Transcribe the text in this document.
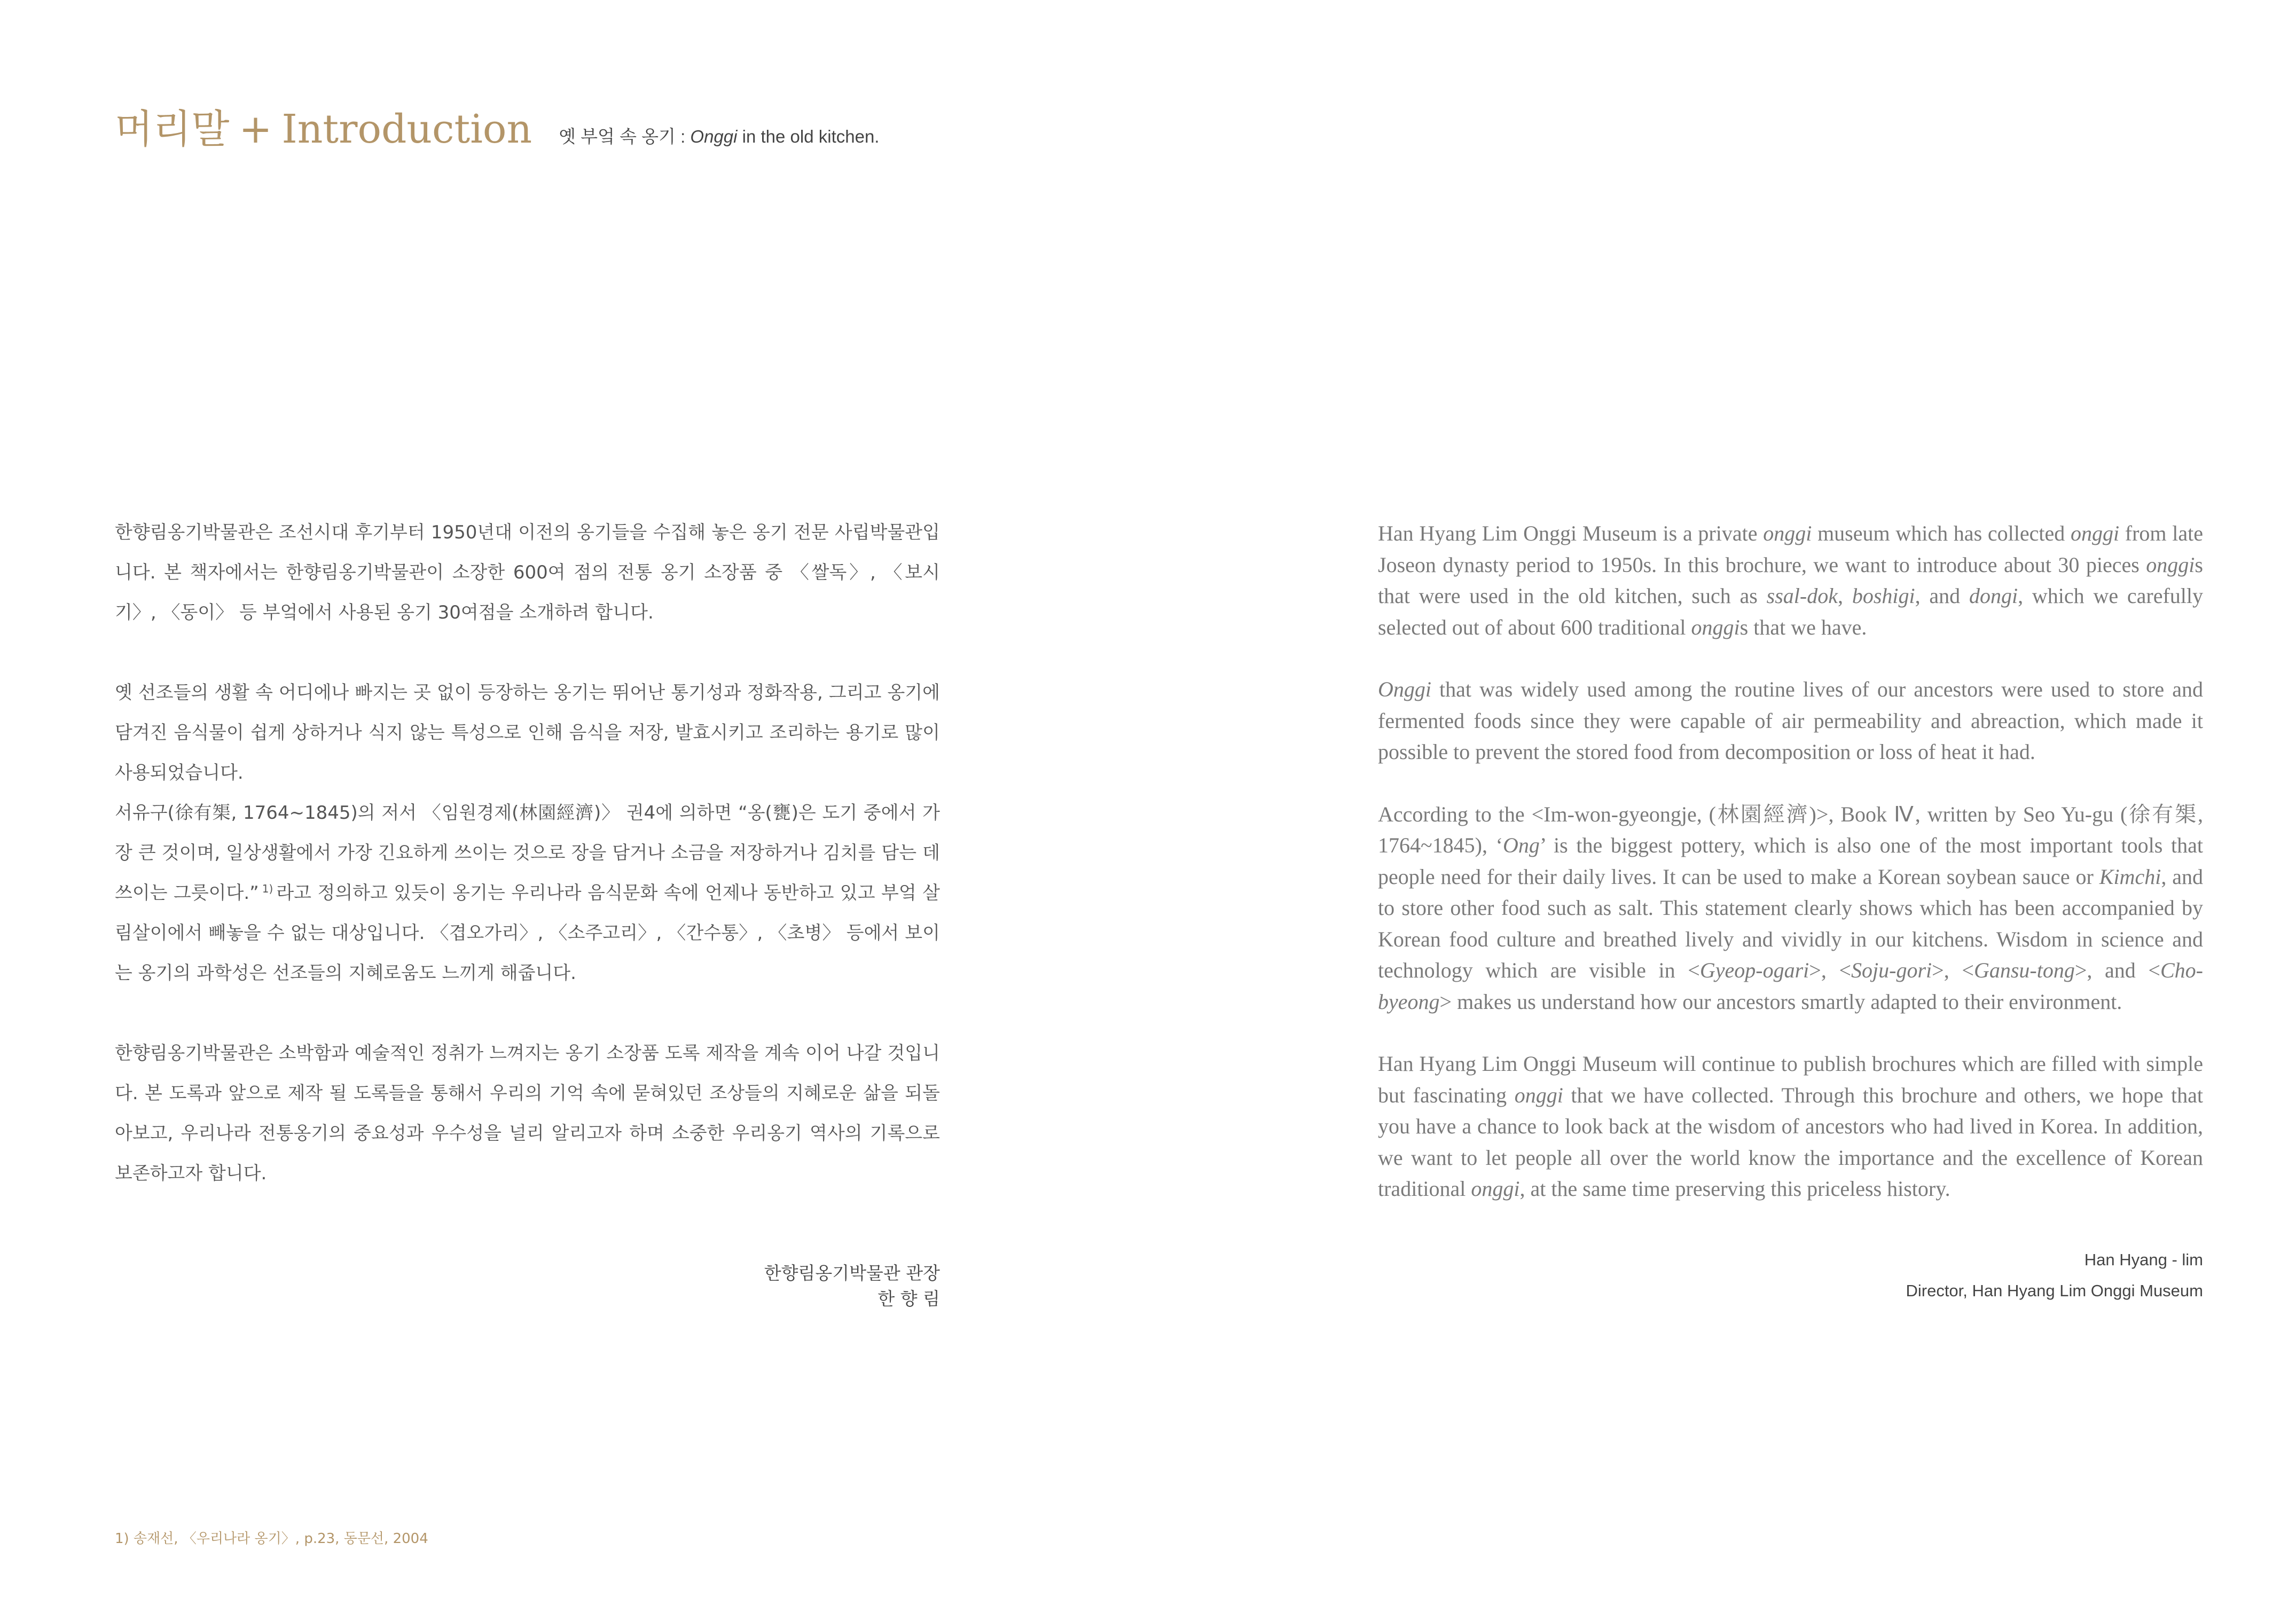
머리말 + Introduction 옛 부엌 속 옹기 : Onggi in the old kitchen.

한향림옹기박물관은 조선시대 후기부터 1950년대 이전의 옹기들을 수집해 놓은 옹기 전문 사립박물관입니다. 본 책자에서는 한향림옹기박물관이 소장한 600여 점의 전통 옹기 소장품 중 〈쌀독〉, 〈보시기〉, 〈동이〉 등 부엌에서 사용된 옹기 30여점을 소개하려 합니다.

옛 선조들의 생활 속 어디에나 빠지는 곳 없이 등장하는 옹기는 뛰어난 통기성과 정화작용, 그리고 옹기에 담겨진 음식물이 쉽게 상하거나 식지 않는 특성으로 인해 음식을 저장, 발효시키고 조리하는 용기로 많이 사용되었습니다.

서유구(徐有榘, 1764~1845)의 저서 〈임원경제(林園經濟)〉 권4에 의하면 “옹(甕)은 도기 중에서 가장 큰 것이며, 일상생활에서 가장 긴요하게 쓰이는 것으로 장을 담거나 소금을 저장하거나 김치를 담는 데 쓰이는 그릇이다.” $^{1)}$ 라고 정의하고 있듯이 옹기는 우리나라 음식문화 속에 언제나 동반하고 있고 부엌 살림살이에서 빼놓을 수 없는 대상입니다. 〈겹오가리〉, 〈소주고리〉, 〈간수통〉, 〈초병〉 등에서 보이는 옹기의 과학성은 선조들의 지혜로움도 느끼게 해줍니다.

한향림옹기박물관은 소박함과 예술적인 정취가 느껴지는 옹기 소장품 도록 제작을 계속 이어 나갈 것입니다. 본 도록과 앞으로 제작 될 도록들을 통해서 우리의 기억 속에 묻혀있던 조상들의 지혜로운 삶을 되돌아보고, 우리나라 전통옹기의 중요성과 우수성을 널리 알리고자 하며 소중한 우리옹기 역사의 기록으로 보존하고자 합니다.

한향림옹기박물관 관장
한 향 림

Han Hyang Lim Onggi Museum is a private onggi museum which has collected onggi from late Joseon dynasty period to 1950s. In this brochure, we want to introduce about 30 pieces onggis that were used in the old kitchen, such as ssal-dok, boshigi, and dongi, which we carefully selected out of about 600 traditional onggis that we have.

Onggi that was widely used among the routine lives of our ancestors were used to store and fermented foods since they were capable of air permeability and abreaction, which made it possible to prevent the stored food from decomposition or loss of heat it had.

According to the <Im-won-gyeongje, (林園經濟)>, Book Ⅳ, written by Seo Yu-gu (徐有榘, 1764~1845), ‘Ong’ is the biggest pottery, which is also one of the most important tools that people need for their daily lives. It can be used to make a Korean soybean sauce or Kimchi, and to store other food such as salt. This statement clearly shows which has been accompanied by Korean food culture and breathed lively and vividly in our kitchens. Wisdom in science and technology which are visible in <Gyeop-ogari>, <Soju-gori>, <Gansu-tong>, and <Cho-byeong> makes us understand how our ancestors smartly adapted to their environment.

Han Hyang Lim Onggi Museum will continue to publish brochures which are filled with simple but fascinating onggi that we have collected. Through this brochure and others, we hope that you have a chance to look back at the wisdom of ancestors who had lived in Korea. In addition, we want to let people all over the world know the importance and the excellence of Korean traditional onggi, at the same time preserving this priceless history.

Han Hyang - lim
Director, Han Hyang Lim Onggi Museum
1) 송재선, 〈우리나라 옹기〉, p.23, 동문선, 2004
